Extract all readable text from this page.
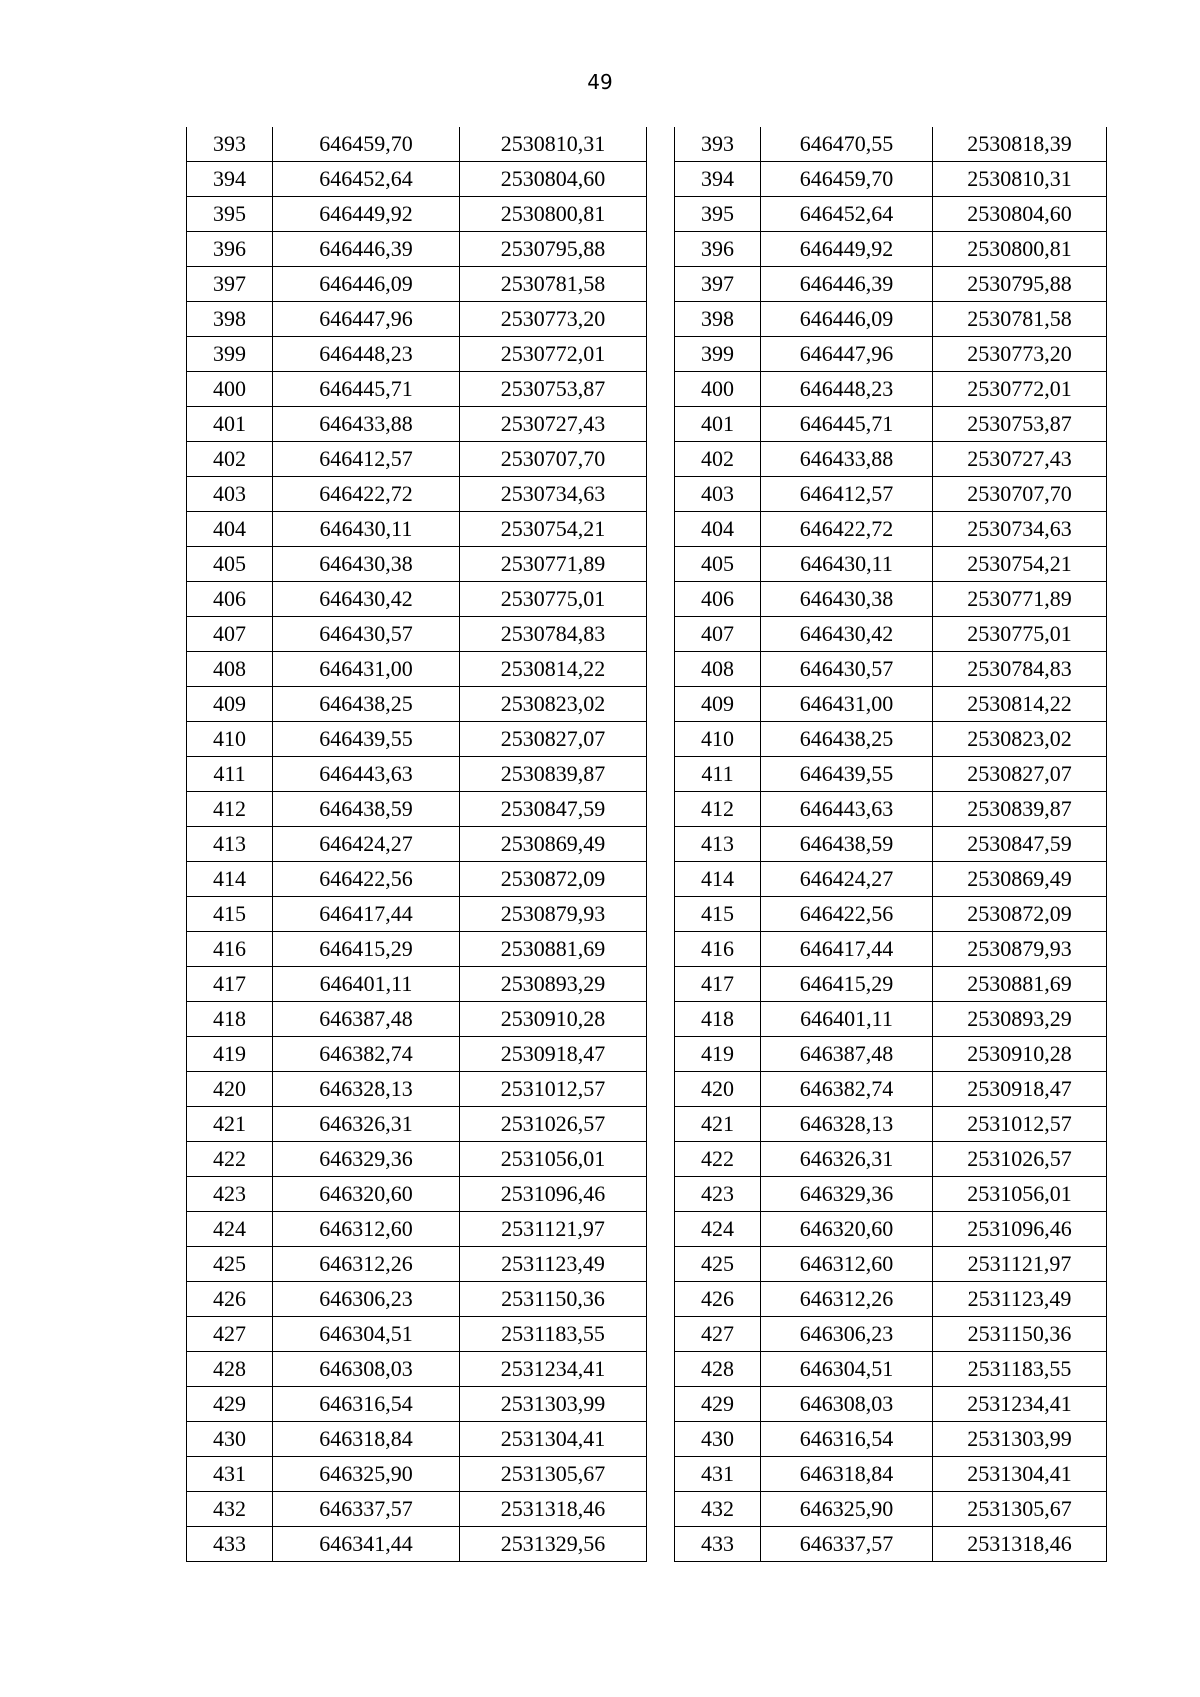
49
393	646459,70	2530810,31
394	646452,64	2530804,60
395	646449,92	2530800,81
396	646446,39	2530795,88
397	646446,09	2530781,58
398	646447,96	2530773,20
399	646448,23	2530772,01
400	646445,71	2530753,87
401	646433,88	2530727,43
402	646412,57	2530707,70
403	646422,72	2530734,63
404	646430,11	2530754,21
405	646430,38	2530771,89
406	646430,42	2530775,01
407	646430,57	2530784,83
408	646431,00	2530814,22
409	646438,25	2530823,02
410	646439,55	2530827,07
411	646443,63	2530839,87
412	646438,59	2530847,59
413	646424,27	2530869,49
414	646422,56	2530872,09
415	646417,44	2530879,93
416	646415,29	2530881,69
417	646401,11	2530893,29
418	646387,48	2530910,28
419	646382,74	2530918,47
420	646328,13	2531012,57
421	646326,31	2531026,57
422	646329,36	2531056,01
423	646320,60	2531096,46
424	646312,60	2531121,97
425	646312,26	2531123,49
426	646306,23	2531150,36
427	646304,51	2531183,55
428	646308,03	2531234,41
429	646316,54	2531303,99
430	646318,84	2531304,41
431	646325,90	2531305,67
432	646337,57	2531318,46
433	646341,44	2531329,56
393	646470,55	2530818,39
394	646459,70	2530810,31
395	646452,64	2530804,60
396	646449,92	2530800,81
397	646446,39	2530795,88
398	646446,09	2530781,58
399	646447,96	2530773,20
400	646448,23	2530772,01
401	646445,71	2530753,87
402	646433,88	2530727,43
403	646412,57	2530707,70
404	646422,72	2530734,63
405	646430,11	2530754,21
406	646430,38	2530771,89
407	646430,42	2530775,01
408	646430,57	2530784,83
409	646431,00	2530814,22
410	646438,25	2530823,02
411	646439,55	2530827,07
412	646443,63	2530839,87
413	646438,59	2530847,59
414	646424,27	2530869,49
415	646422,56	2530872,09
416	646417,44	2530879,93
417	646415,29	2530881,69
418	646401,11	2530893,29
419	646387,48	2530910,28
420	646382,74	2530918,47
421	646328,13	2531012,57
422	646326,31	2531026,57
423	646329,36	2531056,01
424	646320,60	2531096,46
425	646312,60	2531121,97
426	646312,26	2531123,49
427	646306,23	2531150,36
428	646304,51	2531183,55
429	646308,03	2531234,41
430	646316,54	2531303,99
431	646318,84	2531304,41
432	646325,90	2531305,67
433	646337,57	2531318,46
